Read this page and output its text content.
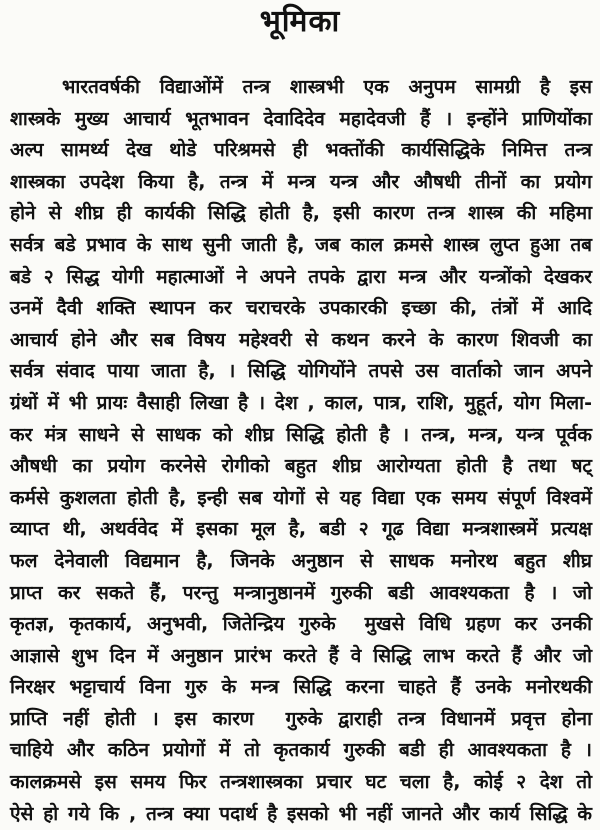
भूमिका
भारतवर्षकी विद्याओंमें तन्त्र शास्त्रभी एक अनुपम सामग्री है इस
शास्त्रके मुख्य आचार्य भूतभावन देवादिदेव महादेवजी हैं । इन्होंने प्राणियोंका
अल्प सामर्थ्य देख थोडे परिश्रमसे ही भक्तोंकी कार्यसिद्धिके निमित्त तन्त्र
शास्त्रका उपदेश किया है, तन्त्र में मन्त्र यन्त्र और औषधी तीनों का प्रयोग
होने से शीघ्र ही कार्यकी सिद्धि होती है, इसी कारण तन्त्र शास्त्र की महिमा
सर्वत्र बडे प्रभाव के साथ सुनी जाती है, जब काल क्रमसे शास्त्र लुप्त हुआ तब
बडे २ सिद्ध योगी महात्माओं ने अपने तपके द्वारा मन्त्र और यन्त्रोंको देखकर
उनमें दैवी शक्ति स्थापन कर चराचरके उपकारकी इच्छा की, तंत्रों में आदि
आचार्य होने और सब विषय महेश्वरी से कथन करने के कारण शिवजी का
सर्वत्र संवाद पाया जाता है, । सिद्धि योगियोंने तपसे उस वार्ताको जान अपने
ग्रंथों में भी प्रायः वैसाही लिखा है । देश , काल, पात्र, राशि, मुहूर्त, योग मिला-
कर मंत्र साधने से साधक को शीघ्र सिद्धि होती है । तन्त्र, मन्त्र, यन्त्र पूर्वक
औषधी का प्रयोग करनेसे रोगीको बहुत शीघ्र आरोग्यता होती है तथा षट्
कर्मसे कुशलता होती है, इन्ही सब योगों से यह विद्या एक समय संपूर्ण विश्वमें
व्याप्त थी, अथर्ववेद में इसका मूल है, बडी २ गूढ विद्या मन्त्रशास्त्रमें प्रत्यक्ष
फल देनेवाली विद्यमान है, जिनके अनुष्ठान से साधक मनोरथ बहुत शीघ्र
प्राप्त कर सकते हैं, परन्तु मन्त्रानुष्ठानमें गुरुकी बडी आवश्यकता है । जो
कृतज्ञ, कृतकार्य, अनुभवी, जितेन्द्रिय गुरुके  मुखसे विधि ग्रहण कर उनकी
आज्ञासे शुभ दिन में अनुष्ठान प्रारंभ करते हैं वे सिद्धि लाभ करते हैं और जो
निरक्षर भट्टाचार्य विना गुरु के मन्त्र सिद्धि करना चाहते हैं उनके मनोरथकी
प्राप्ति नहीं होती । इस कारण  गुरुके द्वाराही तन्त्र विधानमें प्रवृत्त होना
चाहिये और कठिन प्रयोगों में तो कृतकार्य गुरुकी बडी ही आवश्यकता है ।
कालक्रमसे इस समय फिर तन्त्रशास्त्रका प्रचार घट चला है, कोई २ देश तो
ऐसे हो गये कि , तन्त्र क्या पदार्थ है इसको भी नहीं जानते और कार्य सिद्धि के
